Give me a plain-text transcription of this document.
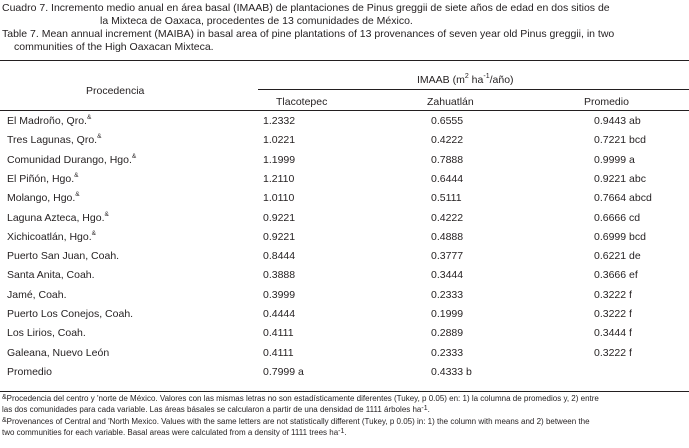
Cuadro 7. Incremento medio anual en área basal (IMAAB) de plantaciones de Pinus greggii de siete años de edad en dos sitios de
la Mixteca de Oaxaca, procedentes de 13 comunidades de México.
Table 7. Mean annual increment (MAIBA) in basal area of pine plantations of 13 provenances of seven year old Pinus greggii, in two
communities of the High Oaxacan Mixteca.
Procedencia
IMAAB ($m^2$ $ha^{-1}/año$)
Tlacotepec	Zahuatlán	Promedio
El Madroño, Qro.&	1.2332	0.6555	0.9443 ab
Tres Lagunas, Qro.&	1.0221	0.4222	0.7221 bcd
Comunidad Durango, Hgo.&	1.1999	0.7888	0.9999 a
El Piñón, Hgo.&	1.2110	0.6444	0.9221 abc
Molango, Hgo.&	1.0110	0.5111	0.7664 abcd
Laguna Azteca, Hgo.&	0.9221	0.4222	0.6666 cd
Xichicoatlán, Hgo.&	0.9221	0.4888	0.6999 bcd
Puerto San Juan, Coah.	0.8444	0.3777	0.6221 de
Santa Anita, Coah.	0.3888	0.3444	0.3666 ef
Jamé, Coah.	0.3999	0.2333	0.3222 f
Puerto Los Conejos, Coah.	0.4444	0.1999	0.3222 f
Los Lirios, Coah.	0.4111	0.2889	0.3444 f
Galeana, Nuevo León	0.4111	0.2333	0.3222 f
Promedio	0.7999 a	0.4333 b
&Procedencia del centro y 'norte de México. Valores con las mismas letras no son estadísticamente diferentes (Tukey, p 0.05) en: 1) la columna de promedios y, 2) entre
las dos comunidades para cada variable. Las áreas básales se calcularon a partir de una densidad de 1111 árboles ha-1.
&Provenances of Central and 'North Mexico. Values with the same letters are not statistically different (Tukey, p 0.05) in: 1) the column with means and 2) between the
two communities for each variable. Basal areas were calculated from a density of 1111 trees ha-1.
